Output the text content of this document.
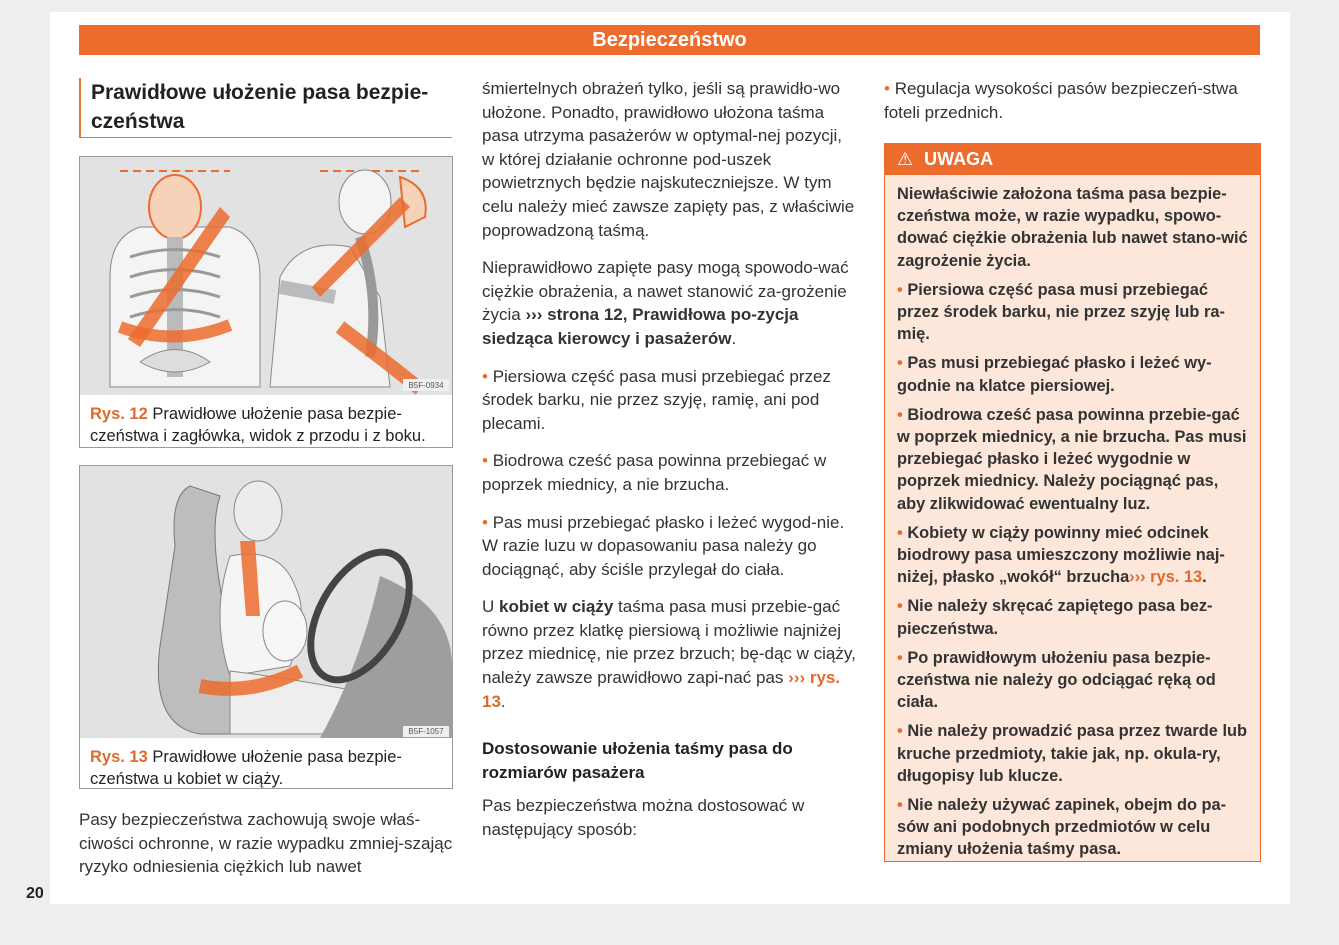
Bezpieczeństwo
Prawidłowe ułożenie pasa bezpie-
czeństwa
B5F-0934
Rys. 12 Prawidłowe ułożenie pasa bezpie-czeństwa i zagłówka, widok z przodu i z boku.
B5F-1057
Rys. 13 Prawidłowe ułożenie pasa bezpie-czeństwa u kobiet w ciąży.

Pasy bezpieczeństwa zachowują swoje właś-ciwości ochronne, w razie wypadku zmniej-szając ryzyko odniesienia ciężkich lub nawet

śmiertelnych obrażeń tylko, jeśli są prawidło-wo ułożone. Ponadto, prawidłowo ułożona taśma pasa utrzyma pasażerów w optymal-nej pozycji, w której działanie ochronne pod-uszek powietrznych będzie najskuteczniejsze. W tym celu należy mieć zawsze zapięty pas, z właściwie poprowadzoną taśmą.

Nieprawidłowo zapięte pasy mogą spowodo-wać ciężkie obrażenia, a nawet stanowić za-grożenie życia ››› strona 12, Prawidłowa po-zycja siedząca kierowcy i pasażerów.

• Piersiowa część pasa musi przebiegać przez środek barku, nie przez szyję, ramię, ani pod plecami.

• Biodrowa cześć pasa powinna przebiegać w poprzek miednicy, a nie brzucha.

• Pas musi przebiegać płasko i leżeć wygod-nie. W razie luzu w dopasowaniu pasa należy go dociągnąć, aby ściśle przylegał do ciała.

U kobiet w ciąży taśma pasa musi przebie-gać równo przez klatkę piersiową i możliwie najniżej przez miednicę, nie przez brzuch; bę-dąc w ciąży, należy zawsze prawidłowo zapi-nać pas ››› rys. 13.

Dostosowanie ułożenia taśmy pasa do rozmiarów pasażera

Pas bezpieczeństwa można dostosować w następujący sposób:

• Regulacja wysokości pasów bezpieczeń-stwa foteli przednich.

⚠ UWAGA

Niewłaściwie założona taśma pasa bezpie-czeństwa może, w razie wypadku, spowo-dować ciężkie obrażenia lub nawet stano-wić zagrożenie życia.

• Piersiowa część pasa musi przebiegać przez środek barku, nie przez szyję lub ra-mię.

• Pas musi przebiegać płasko i leżeć wy-godnie na klatce piersiowej.

• Biodrowa cześć pasa powinna przebie-gać w poprzek miednicy, a nie brzucha. Pas musi przebiegać płasko i leżeć wygodnie w poprzek miednicy. Należy pociągnąć pas, aby zlikwidować ewentualny luz.

• Kobiety w ciąży powinny mieć odcinek biodrowy pasa umieszczony możliwie naj-niżej, płasko „wokół“ brzucha››› rys. 13.

• Nie należy skręcać zapiętego pasa bez-pieczeństwa.

• Po prawidłowym ułożeniu pasa bezpie-czeństwa nie należy go odciągać ręką od ciała.

• Nie należy prowadzić pasa przez twarde lub kruche przedmioty, takie jak, np. okula-ry, długopisy lub klucze.

• Nie należy używać zapinek, obejm do pa-sów ani podobnych przedmiotów w celu zmiany ułożenia taśmy pasa.

20
